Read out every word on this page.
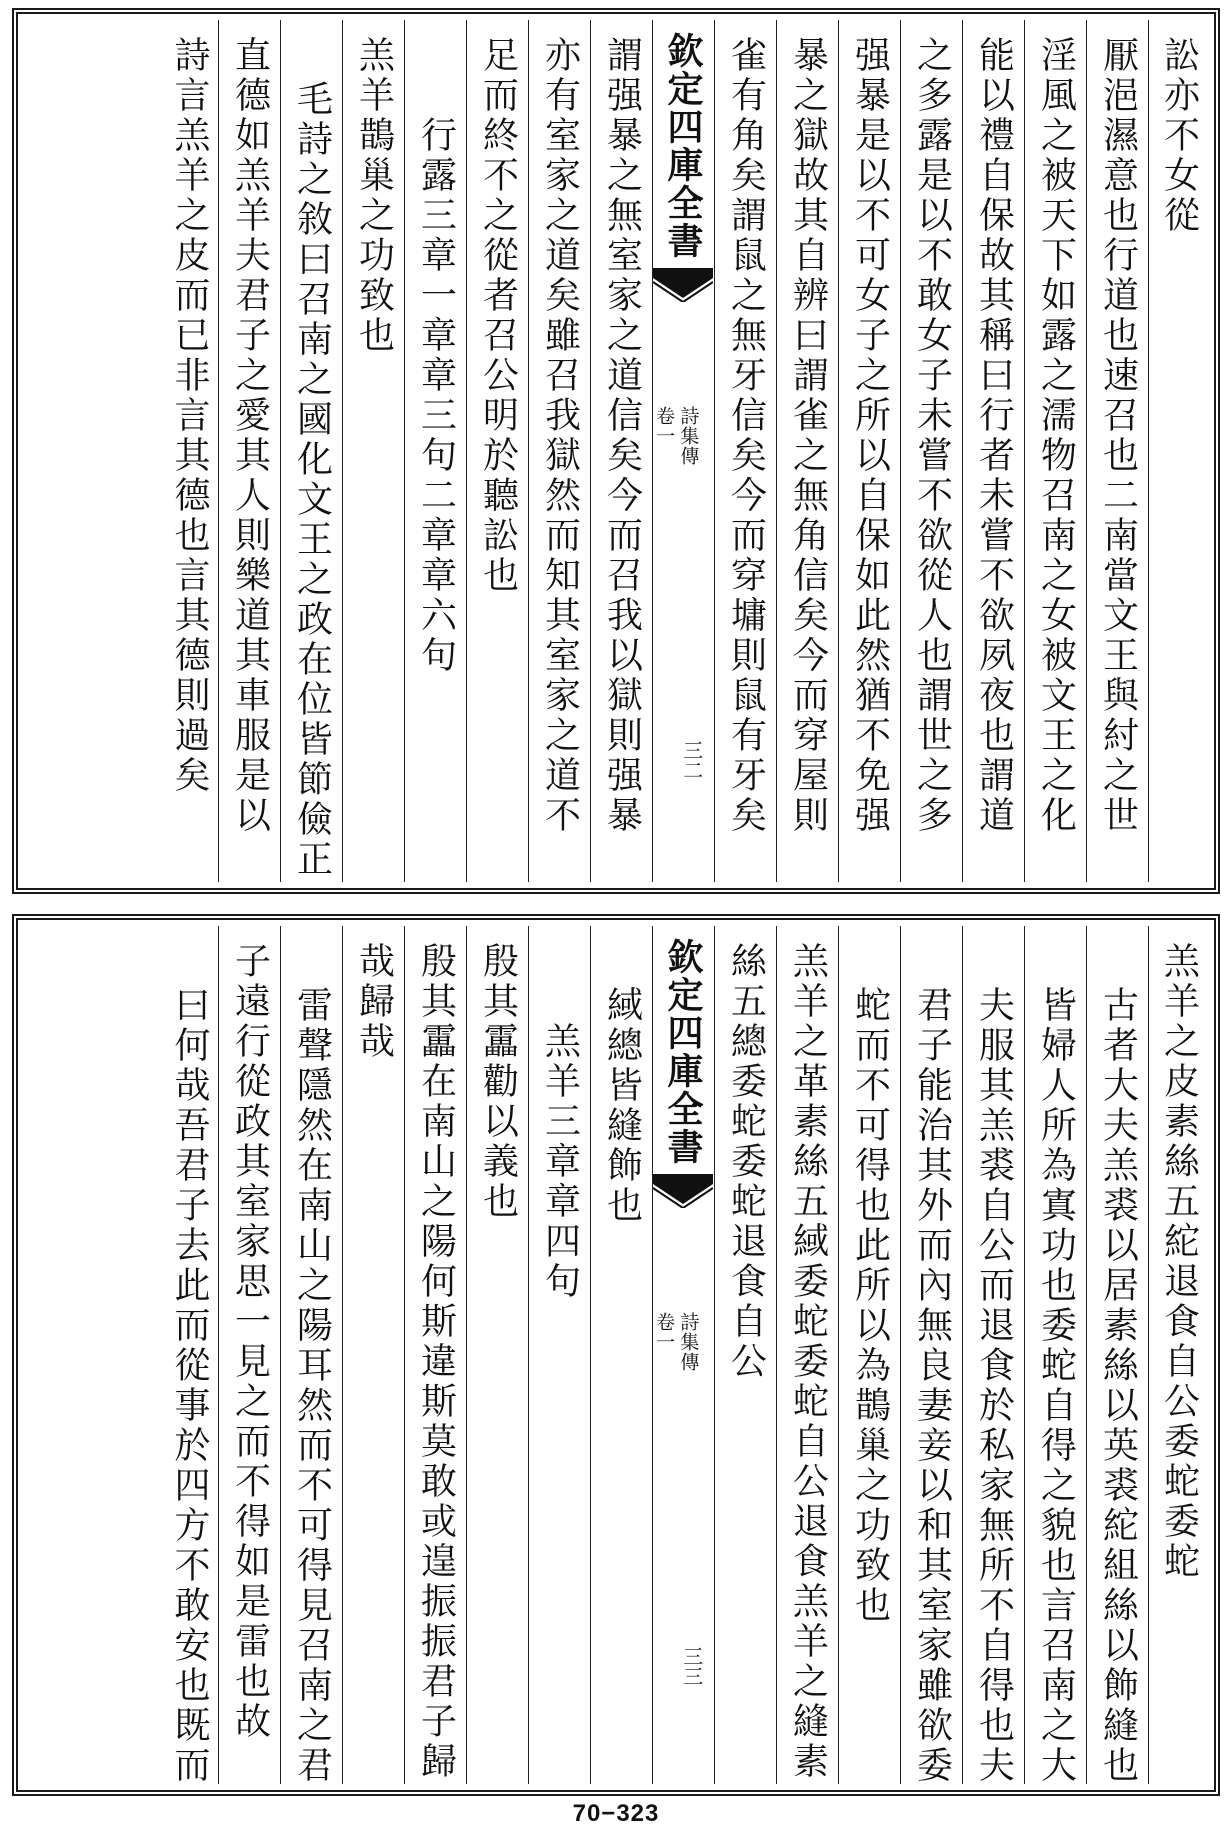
訟亦不女從
厭浥濕意也行道也速召也二南當文王與紂之世
淫風之被天下如露之濡物召南之女被文王之化
能以禮自保故其稱曰行者未嘗不欲夙夜也謂道
之多露是以不敢女子未嘗不欲從人也謂世之多
强暴是以不可女子之所以自保如此然猶不免强
暴之獄故其自辨曰謂雀之無角信矣今而穿屋則
雀有角矣謂鼠之無牙信矣今而穿墉則鼠有牙矣
欽定四庫全書
詩集傳
卷一
三二
謂强暴之無室家之道信矣今而召我以獄則强暴
亦有室家之道矣雖召我獄然而知其室家之道不
足而終不之從者召公明於聽訟也
行露三章一章章三句二章章六句
羔羊鵲巢之功致也
毛詩之敘曰召南之國化文王之政在位皆節儉正
直德如羔羊夫君子之愛其人則樂道其車服是以
詩言羔羊之皮而已非言其德也言其德則過矣
羔羊之皮素絲五紽退食自公委蛇委蛇
古者大夫羔裘以居素絲以英裘紽組絲以飾縫也
皆婦人所為寘功也委蛇自得之貌也言召南之大
夫服其羔裘自公而退食於私家無所不自得也夫
君子能治其外而內無良妻妾以和其室家雖欲委
蛇而不可得也此所以為鵲巢之功致也
羔羊之革素絲五緎委蛇委蛇自公退食羔羊之縫素
絲五總委蛇委蛇退食自公
欽定四庫全書
詩集傳
卷一
三三
緎總皆縫飾也
羔羊三章章四句
殷其靁勸以義也
殷其靁在南山之陽何斯違斯莫敢或遑振振君子歸
哉歸哉
雷聲隱然在南山之陽耳然而不可得見召南之君
子遠行從政其室家思一見之而不得如是雷也故
曰何哉吾君子去此而從事於四方不敢安也既而
70−323
